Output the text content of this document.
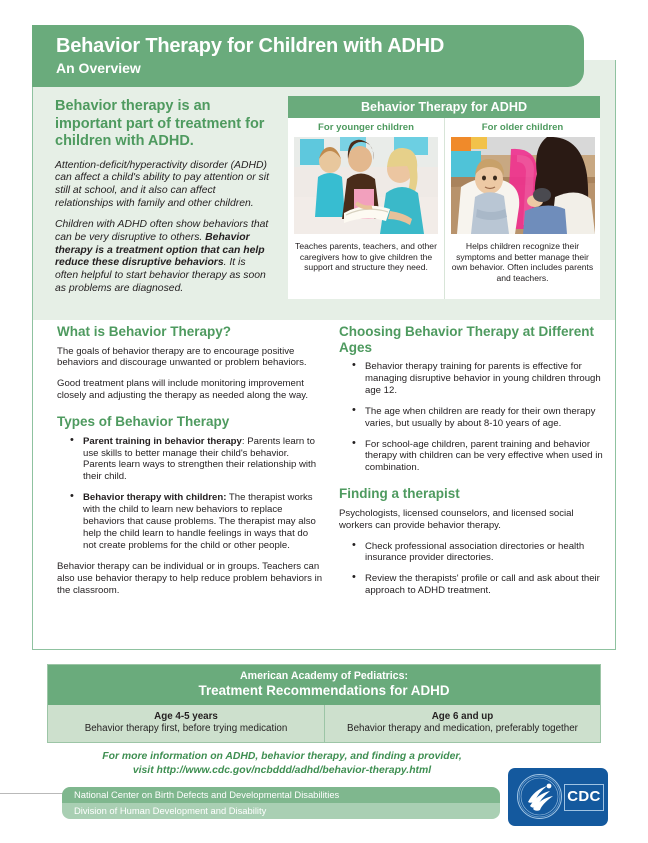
Behavior Therapy for Children with ADHD
An Overview
Behavior therapy is an important part of treatment for children with ADHD.

Attention-deficit/hyperactivity disorder (ADHD) can affect a child's ability to pay attention or sit still at school, and it also can affect relationships with family and other children.

Children with ADHD often show behaviors that can be very disruptive to others. Behavior therapy is a treatment option that can help reduce these disruptive behaviors. It is often helpful to start behavior therapy as soon as problems are diagnosed.

Behavior Therapy for ADHD
For younger children
Teaches parents, teachers, and other caregivers how to give children the support and structure they need.
For older children
Helps children recognize their symptoms and better manage their own behavior. Often includes parents and teachers.
What is Behavior Therapy?

The goals of behavior therapy are to encourage positive behaviors and discourage unwanted or problem behaviors.

Good treatment plans will include monitoring improvement closely and adjusting the therapy as needed along the way.

Types of Behavior Therapy
• Parent training in behavior therapy: Parents learn to use skills to better manage their child's behavior. Parents learn ways to strengthen their relationship with their child.
• Behavior therapy with children: The therapist works with the child to learn new behaviors to replace behaviors that cause problems. The therapist may also help the child learn to handle feelings in ways that do not create problems for the child or other people.

Behavior therapy can be individual or in groups. Teachers can also use behavior therapy to help reduce problem behaviors in the classroom.

Choosing Behavior Therapy at Different Ages
• Behavior therapy training for parents is effective for managing disruptive behavior in young children through age 12.
• The age when children are ready for their own therapy varies, but usually by about 8-10 years of age.
• For school-age children, parent training and behavior therapy with children can be very effective when used in combination.
Finding a therapist

Psychologists, licensed counselors, and licensed social workers can provide behavior therapy.

• Check professional association directories or health insurance provider directories.
• Review the therapists' profile or call and ask about their approach to ADHD treatment.
American Academy of Pediatrics:
Treatment Recommendations for ADHD
Age 4-5 years
Behavior therapy first, before trying medication
Age 6 and up
Behavior therapy and medication, preferably together
For more information on ADHD, behavior therapy, and finding a provider,
visit http://www.cdc.gov/ncbddd/adhd/behavior-therapy.html
National Center on Birth Defects and Developmental Disabilities
Division of Human Development and Disability
CDC
